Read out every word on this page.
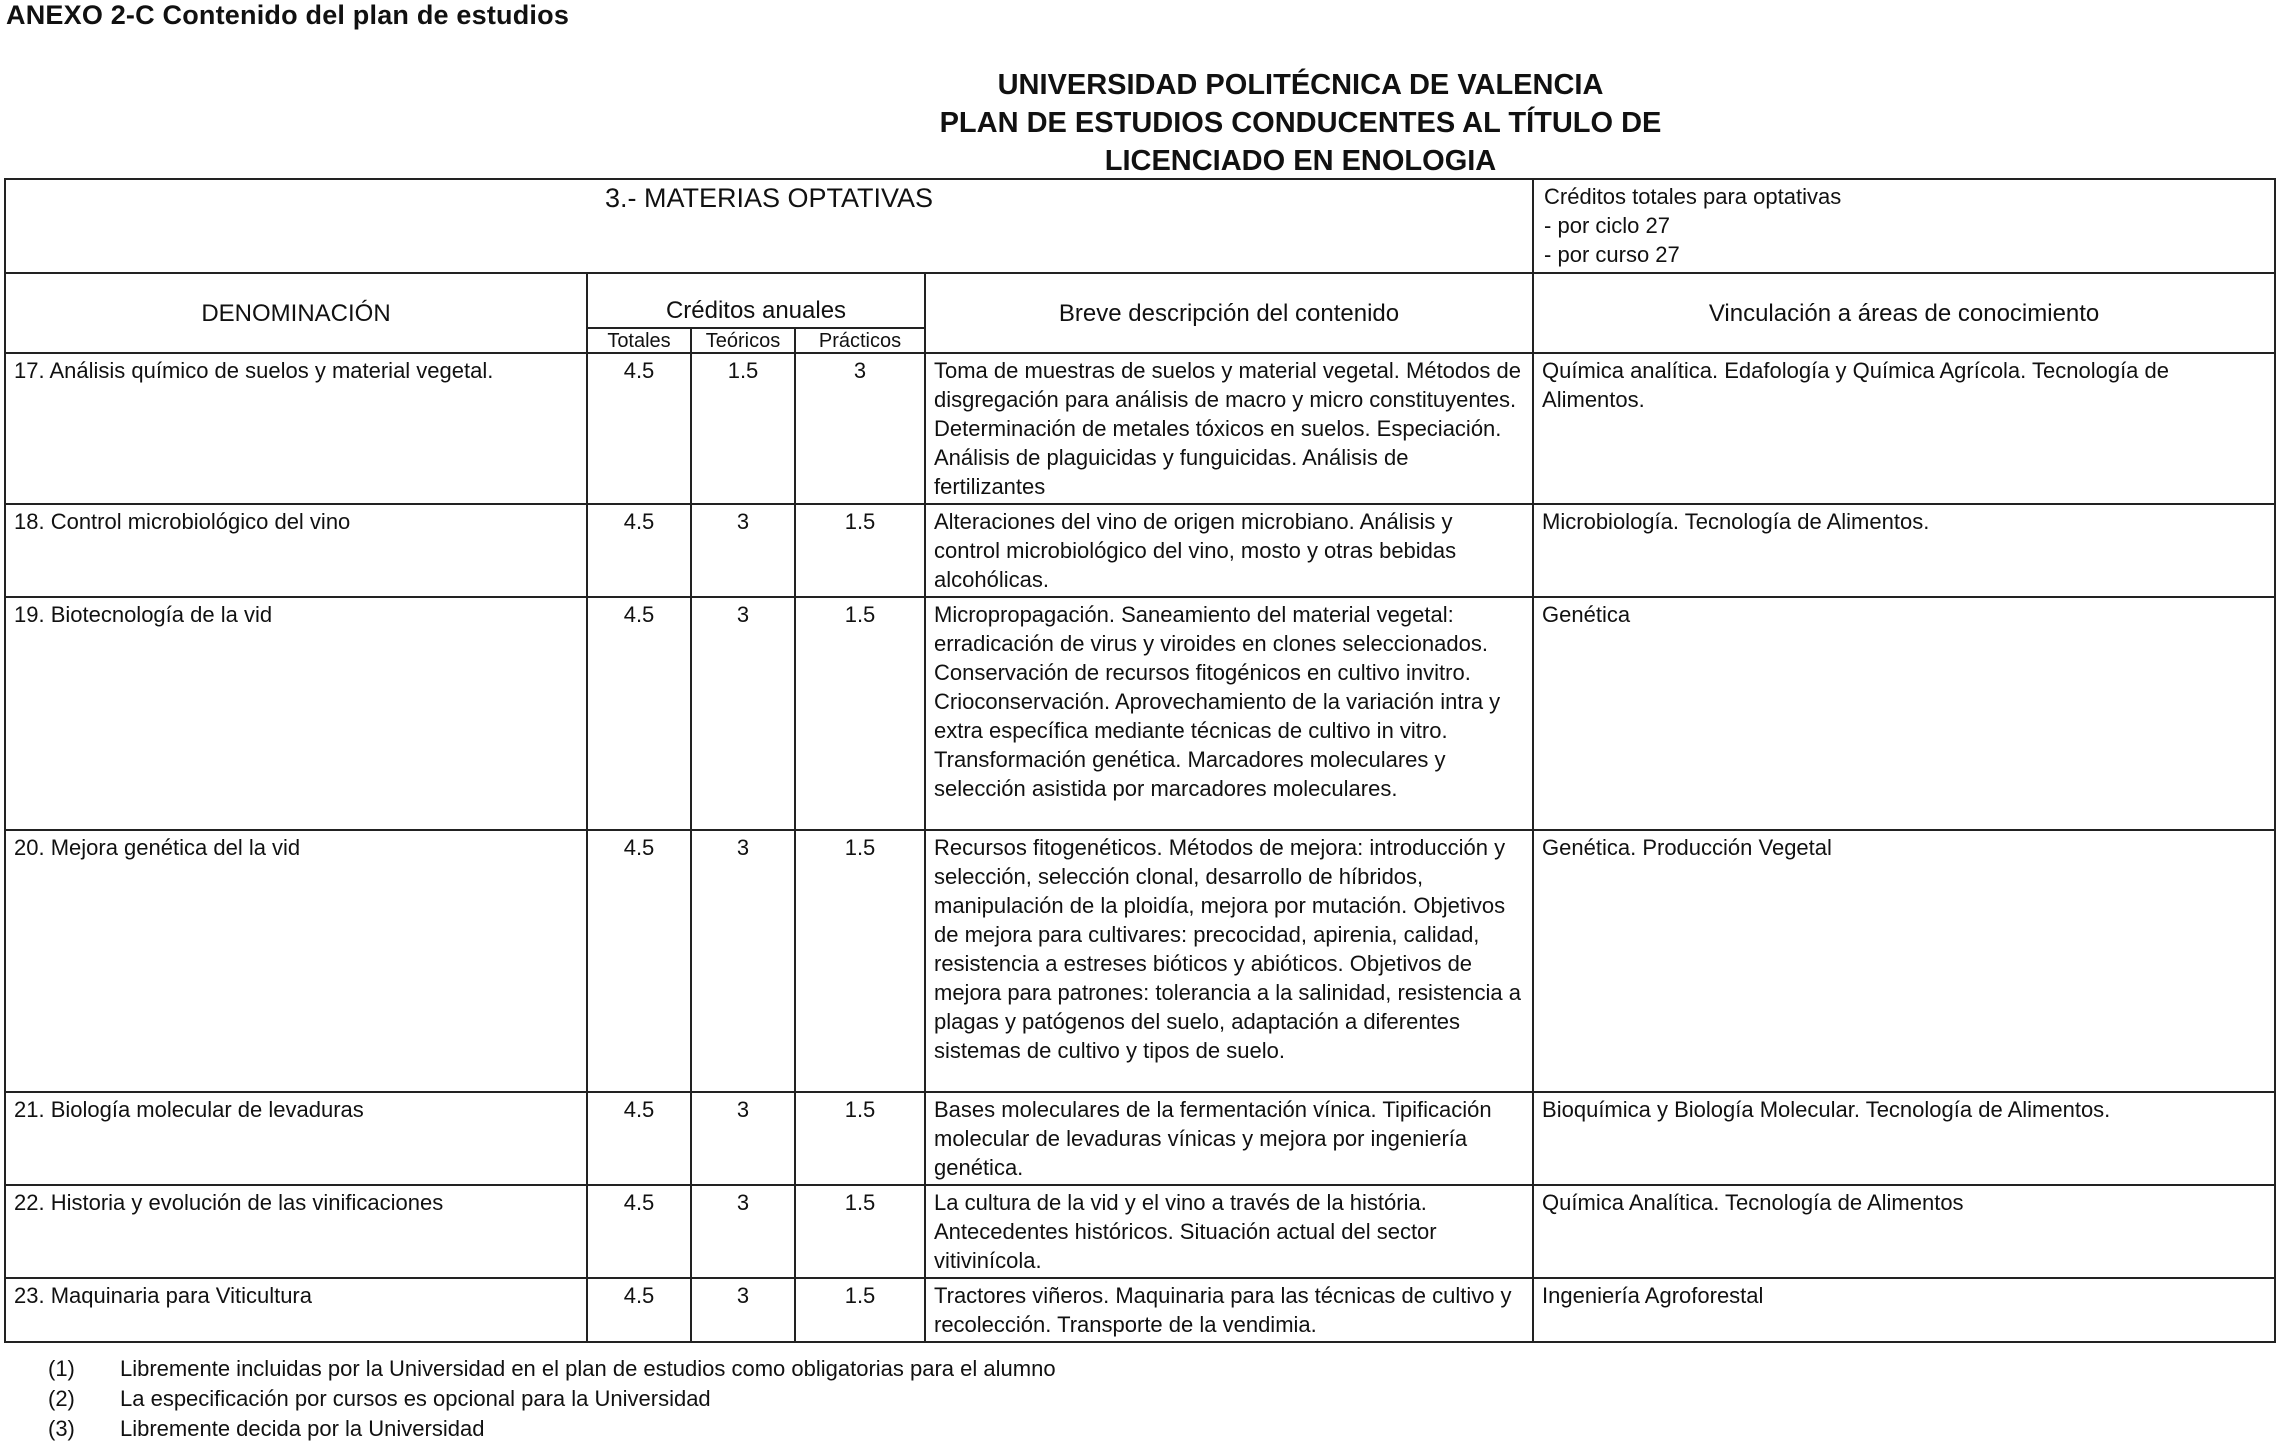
ANEXO 2-C Contenido del plan de estudios
UNIVERSIDAD POLITÉCNICA DE VALENCIA
PLAN DE ESTUDIOS CONDUCENTES AL TÍTULO DE
LICENCIADO EN ENOLOGIA
3.- MATERIAS OPTATIVAS					Créditos totales para optativas
- por ciclo 27
- por curso 27

DENOMINACIÓN	Créditos anuales			Breve descripción del contenido	Vinculación a áreas de conocimiento
	Totales	Teóricos	Prácticos		
17. Análisis químico de suelos y material vegetal.	4.5	1.5	3	Toma de muestras de suelos y material vegetal. Métodos de disgregación para análisis de macro y micro constituyentes. Determinación de metales tóxicos en suelos. Especiación. Análisis de plaguicidas y funguicidas. Análisis de fertilizantes	Química analítica. Edafología y Química Agrícola. Tecnología de Alimentos.
18. Control microbiológico del vino	4.5	3	1.5	Alteraciones del vino de origen microbiano. Análisis y control microbiológico del vino, mosto y otras bebidas alcohólicas.	Microbiología. Tecnología de Alimentos.
19. Biotecnología de la vid	4.5	3	1.5	Micropropagación. Saneamiento del material vegetal: erradicación de virus y viroides en clones seleccionados. Conservación de recursos fitogénicos en cultivo invitro. Crioconservación. Aprovechamiento de la variación intra y extra específica mediante técnicas de cultivo in vitro. Transformación genética. Marcadores moleculares y selección asistida por marcadores moleculares.	Genética
20. Mejora genética del la vid	4.5	3	1.5	Recursos fitogenéticos. Métodos de mejora: introducción y selección, selección clonal, desarrollo de híbridos, manipulación de la ploidía, mejora por mutación. Objetivos de mejora para cultivares: precocidad, apirenia, calidad, resistencia a estreses bióticos y abióticos. Objetivos de mejora para patrones: tolerancia a la salinidad, resistencia a plagas y patógenos del suelo, adaptación a diferentes sistemas de cultivo y tipos de suelo.	Genética. Producción Vegetal
21. Biología molecular de levaduras	4.5	3	1.5	Bases moleculares de la fermentación vínica. Tipificación molecular de levaduras vínicas y mejora por ingeniería genética.	Bioquímica y Biología Molecular. Tecnología de Alimentos.
22. Historia y evolución de las vinificaciones	4.5	3	1.5	La cultura de la vid y el vino a través de la história. Antecedentes históricos. Situación actual del sector vitivinícola.	Química Analítica. Tecnología de Alimentos
23. Maquinaria para Viticultura	4.5	3	1.5	Tractores viñeros. Maquinaria para las técnicas de cultivo y recolección. Transporte de la vendimia.	Ingeniería Agroforestal
(1) Libremente incluidas por la Universidad en el plan de estudios como obligatorias para el alumno
(2) La especificación por cursos es opcional para la Universidad
(3) Libremente decida por la Universidad
